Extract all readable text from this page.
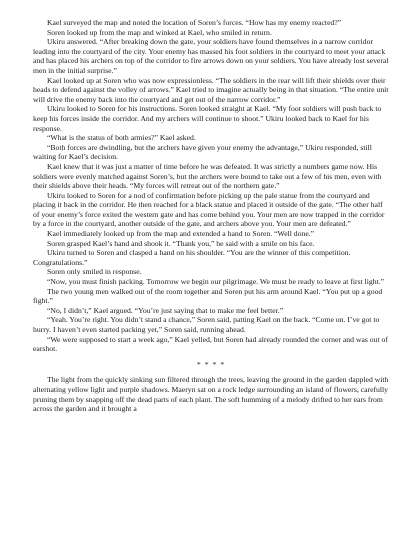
Kael surveyed the map and noted the location of Soren’s forces. “How has my enemy reacted?”

Soren looked up from the map and winked at Kael, who smiled in return.

Ukiru answered. “After breaking down the gate, your soldiers have found themselves in a narrow corridor leading into the courtyard of the city. Your enemy has massed his foot soldiers in the courtyard to meet your attack and has placed his archers on top of the corridor to fire arrows down on your soldiers. You have already lost several men in the initial surprise.”

Kael looked up at Soren who was now expressionless. “The soldiers in the rear will lift their shields over their heads to defend against the volley of arrows.” Kael tried to imagine actually being in that situation. “The entire unit will drive the enemy back into the courtyard and get out of the narrow corridor.”

Ukiru looked to Soren for his instructions. Soren looked straight at Kael. “My foot soldiers will push back to keep his forces inside the corridor. And my archers will continue to shoot.” Ukiru looked back to Kael for his response.

“What is the status of both armies?” Kael asked.

“Both forces are dwindling, but the archers have given your enemy the advantage,” Ukiru responded, still waiting for Kael’s decision.

Kael knew that it was just a matter of time before he was defeated. It was strictly a numbers game now. His soldiers were evenly matched against Soren’s, but the archers were bound to take out a few of his men, even with their shields above their heads. “My forces will retreat out of the northern gate.”

Ukiru looked to Soren for a nod of confirmation before picking up the pale statue from the courtyard and placing it back in the corridor. He then reached for a black statue and placed it outside of the gate. “The other half of your enemy’s force exited the western gate and has come behind you. Your men are now trapped in the corridor by a force in the courtyard, another outside of the gate, and archers above you. Your men are defeated.”

Kael immediately looked up from the map and extended a hand to Soren. “Well done.”

Soren grasped Kael’s hand and shook it. “Thank you,” he said with a smile on his face.

Ukiru turned to Soren and clasped a hand on his shoulder. “You are the winner of this competition. Congratulations.”

Soren only smiled in response.

“Now, you must finish packing. Tomorrow we begin our pilgrimage. We must be ready to leave at first light.”

The two young men walked out of the room together and Soren put his arm around Kael. “You put up a good fight.”

“No, I didn’t,” Kael argued. “You’re just saying that to make me feel better.”

“Yeah. You’re right. You didn’t stand a chance,” Soren said, patting Kael on the back. “Come on. I’ve got to hurry. I haven’t even started packing yet,” Soren said, running ahead.

“We were supposed to start a week ago,” Kael yelled, but Soren had already rounded the corner and was out of earshot.

* * * *

The light from the quickly sinking sun filtered through the trees, leaving the ground in the garden dappled with alternating yellow light and purple shadows. Maeryn sat on a rock ledge surrounding an island of flowers, carefully pruning them by snapping off the dead parts of each plant. The soft humming of a melody drifted to her ears from across the garden and it brought a
